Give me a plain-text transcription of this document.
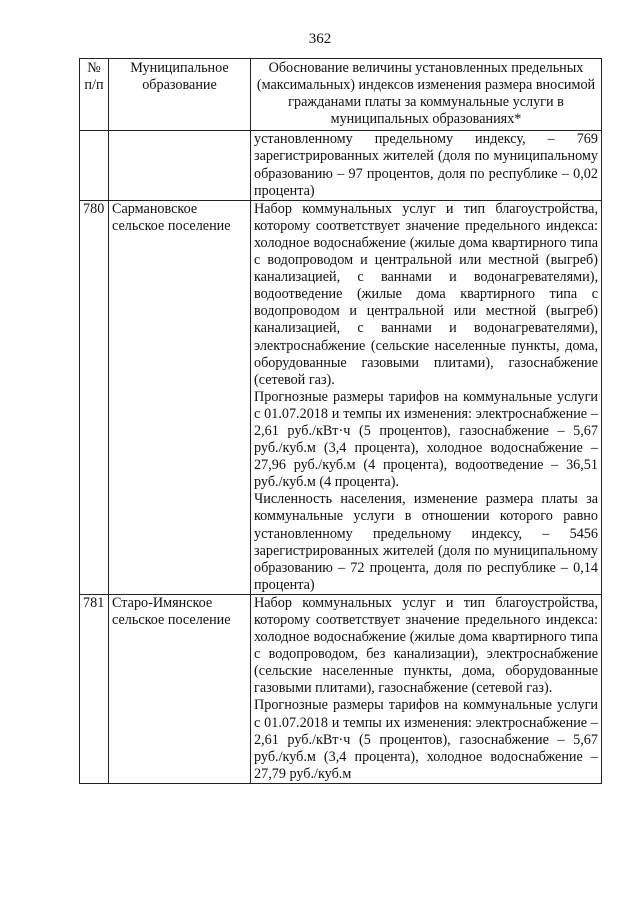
362
№ п/п	Муниципальное образование	Обоснование величины установленных предельных (максимальных) индексов изменения размера вносимой гражданами платы за коммунальные услуги в муниципальных образованиях*

		установленному предельному индексу, – 769 зарегистрированных жителей (доля по муниципальному образованию – 97 процентов, доля по республике – 0,02 процента)

780	Сармановское сельское поселение	Набор коммунальных услуг и тип благоустройства, которому соответствует значение предельного индекса: холодное водоснабжение (жилые дома квартирного типа с водопроводом и центральной или местной (выгреб) канализацией, с ваннами и водонагревателями), водоотведение (жилые дома квартирного типа с водопроводом и центральной или местной (выгреб) канализацией, с ваннами и водонагревателями), электроснабжение (сельские населенные пункты, дома, оборудованные газовыми плитами), газоснабжение (сетевой газ).

Прогнозные размеры тарифов на коммунальные услуги с 01.07.2018 и темпы их изменения: электроснабжение – 2,61 руб./кВт·ч (5 процентов), газоснабжение – 5,67 руб./куб.м (3,4 процента), холодное водоснабжение – 27,96 руб./куб.м (4 процента), водоотведение – 36,51 руб./куб.м (4 процента).

Численность населения, изменение размера платы за коммунальные услуги в отношении которого равно установленному предельному индексу, – 5456 зарегистрированных жителей (доля по муниципальному образованию – 72 процента, доля по республике – 0,14 процента)

781	Старо-Имянское сельское поселение	Набор коммунальных услуг и тип благоустройства, которому соответствует значение предельного индекса: холодное водоснабжение (жилые дома квартирного типа с водопроводом, без канализации), электроснабжение (сельские населенные пункты, дома, оборудованные газовыми плитами), газоснабжение (сетевой газ).

Прогнозные размеры тарифов на коммунальные услуги с 01.07.2018 и темпы их изменения: электроснабжение – 2,61 руб./кВт·ч (5 процентов), газоснабжение – 5,67 руб./куб.м (3,4 процента), холодное водоснабжение – 27,79 руб./куб.м
